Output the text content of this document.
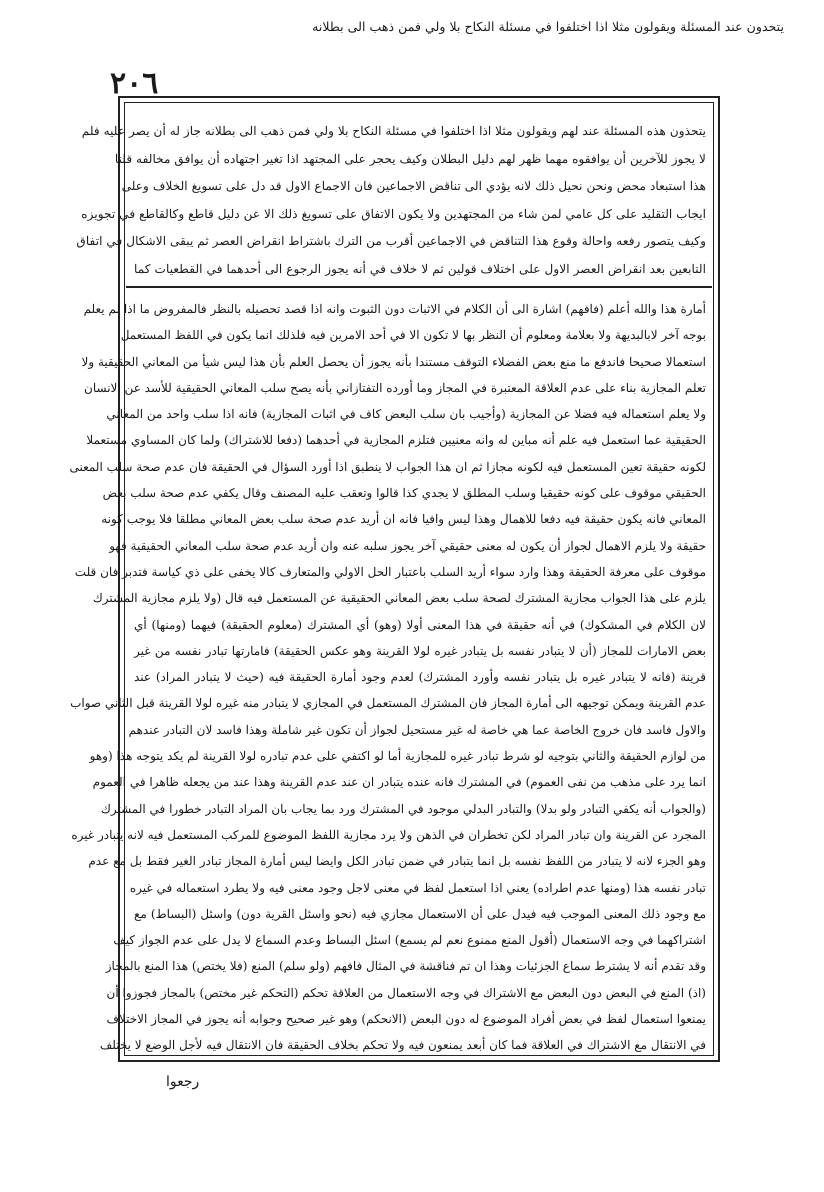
يتحدون عند المسئلة ويقولون مثلا اذا اختلفوا في مسئلة النكاح بلا ولي فمن ذهب الى بطلانه
٢٠٦
يتحذون هذه المسئلة عند لهم ويقولون مثلا اذا اختلفوا في مسئلة النكاح بلا ولي فمن ذهب الى بطلانه جاز له أن يصر عليه فلم
لا يجوز للآخرين أن يوافقوه مهما ظهر لهم دليل البطلان وكيف يحجر على المجتهد اذا تغير اجتهاده أن يوافق مخالفه قلنا
هذا استبعاد محض ونحن نحيل ذلك لانه يؤدي الى تناقض الاجماعين فان الاجماع الاول قد دل على تسويغ الخلاف وعلى
ايجاب التقليد على كل عامي لمن شاء من المجتهدين ولا يكون الاتفاق على تسويغ ذلك الا عن دليل قاطع وكالقاطع في تجويزه
وكيف يتصور رفعه واحالة وقوع هذا التناقض في الاجماعين أقرب من الترك باشتراط انقراض العصر ثم يبقى الاشكال في اتفاق
التابعين بعد انقراض العصر الاول على اختلاف قولين ثم لا خلاف في أنه يجوز الرجوع الى أحدهما في القطعيات كما
أمارة هذا والله أعلم (فافهم) اشارة الى أن الكلام في الاثبات دون الثبوت وانه اذا قصد تحصيله بالنظر فالمفروض ما اذا لم يعلم
بوجه آخر لابالبديهة ولا بعلامة ومعلوم أن النظر بها لا تكون الا في أحد الامرين فيه فلذلك انما يكون في اللفظ المستعمل
استعمالا صحيحا فاندفع ما منع بعض الفضلاء التوقف مستندا بأنه يجوز أن يحصل العلم بأن هذا ليس شيأ من المعاني الحقيقية ولا
تعلم المجازية بناء على عدم العلاقة المعتبرة في المجاز وما أورده التفتازاني بأنه يصح سلب المعاني الحقيقية للأسد عن الانسان
ولا يعلم استعماله فيه فضلا عن المجازية (وأجيب بان سلب البعض كاف في اثبات المجازية) فانه اذا سلب واحد من المعاني
الحقيقية عما استعمل فيه علم أنه مباين له وانه معنيين فتلزم المجازية في أحدهما (دفعا للاشتراك) ولما كان المساوي مستعملا
لكونه حقيقة تعين المستعمل فيه لكونه مجازا ثم ان هذا الجواب لا ينطبق اذا أورد السؤال في الحقيقة فان عدم صحة سلب المعنى
الحقيقي موقوف على كونه حقيقيا وسلب المطلق لا يجدي كذا قالوا وتعقب عليه المصنف وقال يكفي عدم صحة سلب بعض
المعاني فانه يكون حقيقة فيه دفعا للاهمال وهذا ليس وافيا فانه ان أريد عدم صحة سلب بعض المعاني مطلقا فلا يوجب كونه
حقيقة ولا يلزم الاهمال لجواز أن يكون له معنى حقيقي آخر يجوز سلبه عنه وان أريد عدم صحة سلب المعاني الحقيقية فهو
موقوف على معرفة الحقيقة وهذا وارد سواء أريد السلب باعتبار الحل الاولي والمتعارف كالا يخفى على ذي كياسة فتدبر فان قلت
يلزم على هذا الجواب مجازية المشترك لصحة سلب بعض المعاني الحقيقية عن المستعمل فيه قال (ولا يلزم مجازية المشترك
لان الكلام في المشكوك) في أنه حقيقة في هذا المعنى أولا (وهو) أي المشترك (معلوم الحقيقة) فيهما (ومنها) أي
بعض الامارات للمجاز (أن لا يتبادر نفسه بل يتبادر غيره لولا القرينة وهو عكس الحقيقة) فامارتها تبادر نفسه من غير
قرينة (فانه لا يتبادر غيره بل يتبادر نفسه وأورد المشترك) لعدم وجود أمارة الحقيقة فيه (حيث لا يتبادر المراد) عند
عدم القرينة ويمكن توجيهه الى أمارة المجاز فان المشترك المستعمل في المجازي لا يتبادر منه غيره لولا القرينة قبل الثاني صواب
والاول فاسد فان خروج الخاصة عما هي خاصة له غير مستحيل لجواز أن تكون غير شاملة وهذا فاسد لان التبادر عندهم
من لوازم الحقيقة والثاني بتوجيه لو شرط تبادر غيره للمجازية أما لو اكتفي على عدم تبادره لولا القرينة لم يكد يتوجه هذا (وهو
انما يرد على مذهب من نفى العموم) في المشترك فانه عنده يتبادر ان عند عدم القرينة وهذا عند من يجعله ظاهرا في العموم
(والجواب أنه يكفي التبادر ولو بدلا) والتبادر البدلي موجود في المشترك ورد بما يجاب بان المراد التبادر خطورا في المشترك
المجرد عن القرينة وان تبادر المراد لكن تخطران في الذهن ولا يرد مجازية اللفظ الموضوع للمركب المستعمل فيه لانه يتبادر غيره
وهو الجزء لانه لا يتبادر من اللفظ نفسه بل انما يتبادر في ضمن تبادر الكل وايضا ليس أمارة المجاز تبادر الغير فقط بل مع عدم
تبادر نفسه هذا (ومنها عدم اطراده) يعني اذا استعمل لفظ في معنى لاجل وجود معنى فيه ولا يطرد استعماله في غيره
مع وجود ذلك المعنى الموجب فيه فيدل على أن الاستعمال مجازي فيه (نحو واسئل القرية دون) واسئل (البساط) مع
اشتراكهما في وجه الاستعمال (أقول المنع ممنوع نعم لم يسمع) اسئل البساط وعدم السماع لا يدل على عدم الجواز كيف
وقد تقدم أنه لا يشترط سماع الجزئيات وهذا ان تم فناقشة في المثال فافهم (ولو سلم) المنع (فلا يختص) هذا المنع بالمجاز
(اذ) المنع في البعض دون البعض مع الاشتراك في وجه الاستعمال من العلاقة تحكم (التحكم غير مختص) بالمجاز فجوزوا أن
يمنعوا استعمال لفظ في بعض أفراد الموضوع له دون البعض (الانحكم) وهو غير صحيح وجوابه أنه يجوز في المجاز الاختلاف
في الانتقال مع الاشتراك في العلاقة فما كان أبعد يمنعون فيه ولا تحكم بخلاف الحقيقة فان الانتقال فيه لأجل الوضع لا يختلف
رجعوا
